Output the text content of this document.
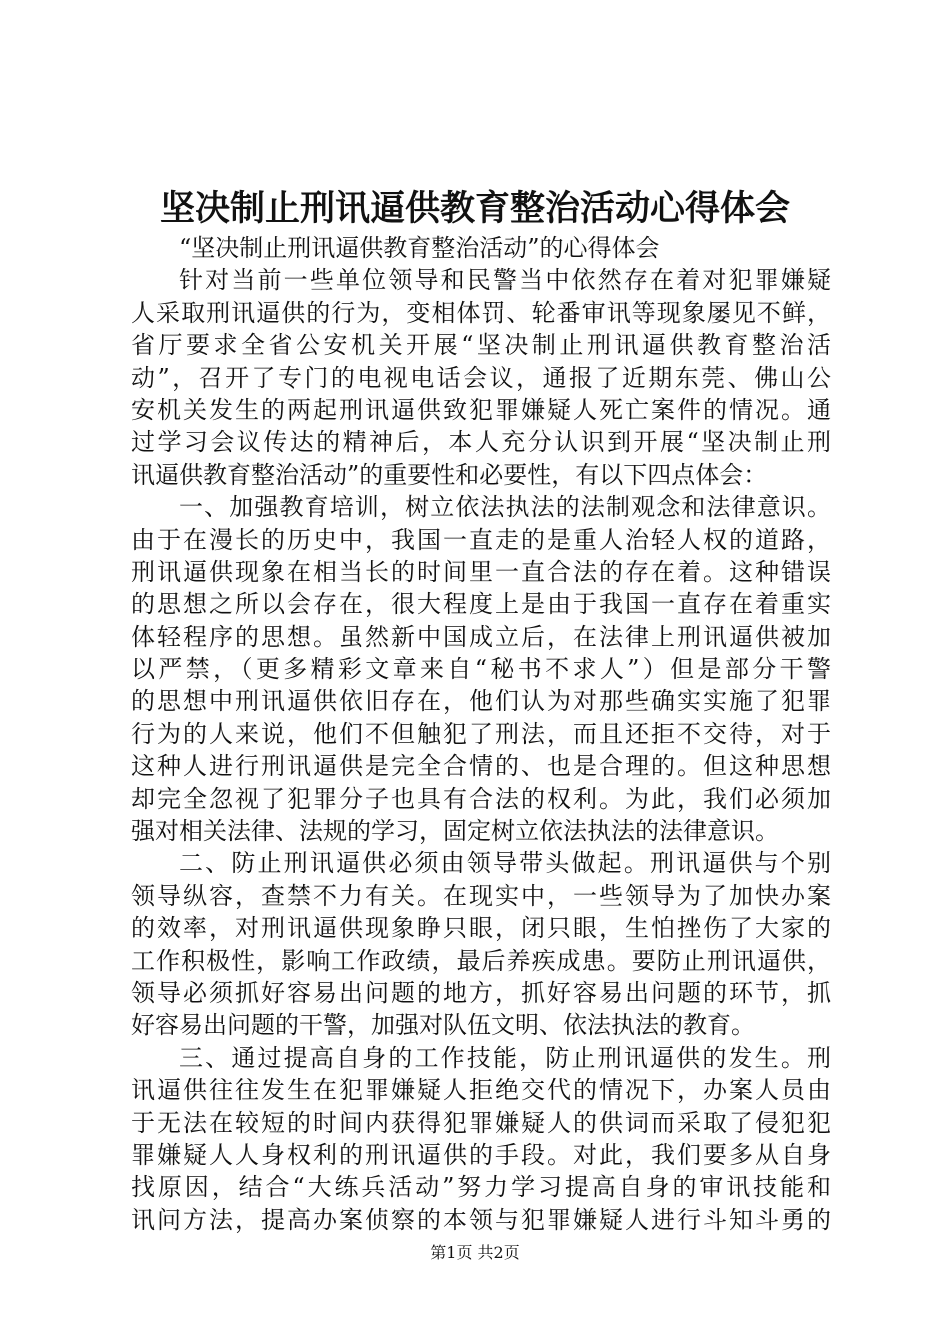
坚决制止刑讯逼供教育整治活动心得体会
“坚决制止刑讯逼供教育整治活动”的心得体会
针对当前一些单位领导和民警当中依然存在着对犯罪嫌疑
人采取刑讯逼供的行为，变相体罚、轮番审讯等现象屡见不鲜，
省厅要求全省公安机关开展“坚决制止刑讯逼供教育整治活
动”，召开了专门的电视电话会议，通报了近期东莞、佛山公
安机关发生的两起刑讯逼供致犯罪嫌疑人死亡案件的情况。通
过学习会议传达的精神后，本人充分认识到开展“坚决制止刑
讯逼供教育整治活动”的重要性和必要性，有以下四点体会：
一、加强教育培训，树立依法执法的法制观念和法律意识。
由于在漫长的历史中，我国一直走的是重人治轻人权的道路，
刑讯逼供现象在相当长的时间里一直合法的存在着。这种错误
的思想之所以会存在，很大程度上是由于我国一直存在着重实
体轻程序的思想。虽然新中国成立后，在法律上刑讯逼供被加
以严禁，（更多精彩文章来自“秘书不求人”）但是部分干警
的思想中刑讯逼供依旧存在，他们认为对那些确实实施了犯罪
行为的人来说，他们不但触犯了刑法，而且还拒不交待，对于
这种人进行刑讯逼供是完全合情的、也是合理的。但这种思想
却完全忽视了犯罪分子也具有合法的权利。为此，我们必须加
强对相关法律、法规的学习，固定树立依法执法的法律意识。
二、防止刑讯逼供必须由领导带头做起。刑讯逼供与个别
领导纵容，查禁不力有关。在现实中，一些领导为了加快办案
的效率，对刑讯逼供现象睁只眼，闭只眼，生怕挫伤了大家的
工作积极性，影响工作政绩，最后养疾成患。要防止刑讯逼供，
领导必须抓好容易出问题的地方，抓好容易出问题的环节，抓
好容易出问题的干警，加强对队伍文明、依法执法的教育。
三、通过提高自身的工作技能，防止刑讯逼供的发生。刑
讯逼供往往发生在犯罪嫌疑人拒绝交代的情况下，办案人员由
于无法在较短的时间内获得犯罪嫌疑人的供词而采取了侵犯犯
罪嫌疑人人身权利的刑讯逼供的手段。对此，我们要多从自身
找原因，结合“大练兵活动”努力学习提高自身的审讯技能和
讯问方法，提高办案侦察的本领与犯罪嫌疑人进行斗知斗勇的
第1页 共2页
